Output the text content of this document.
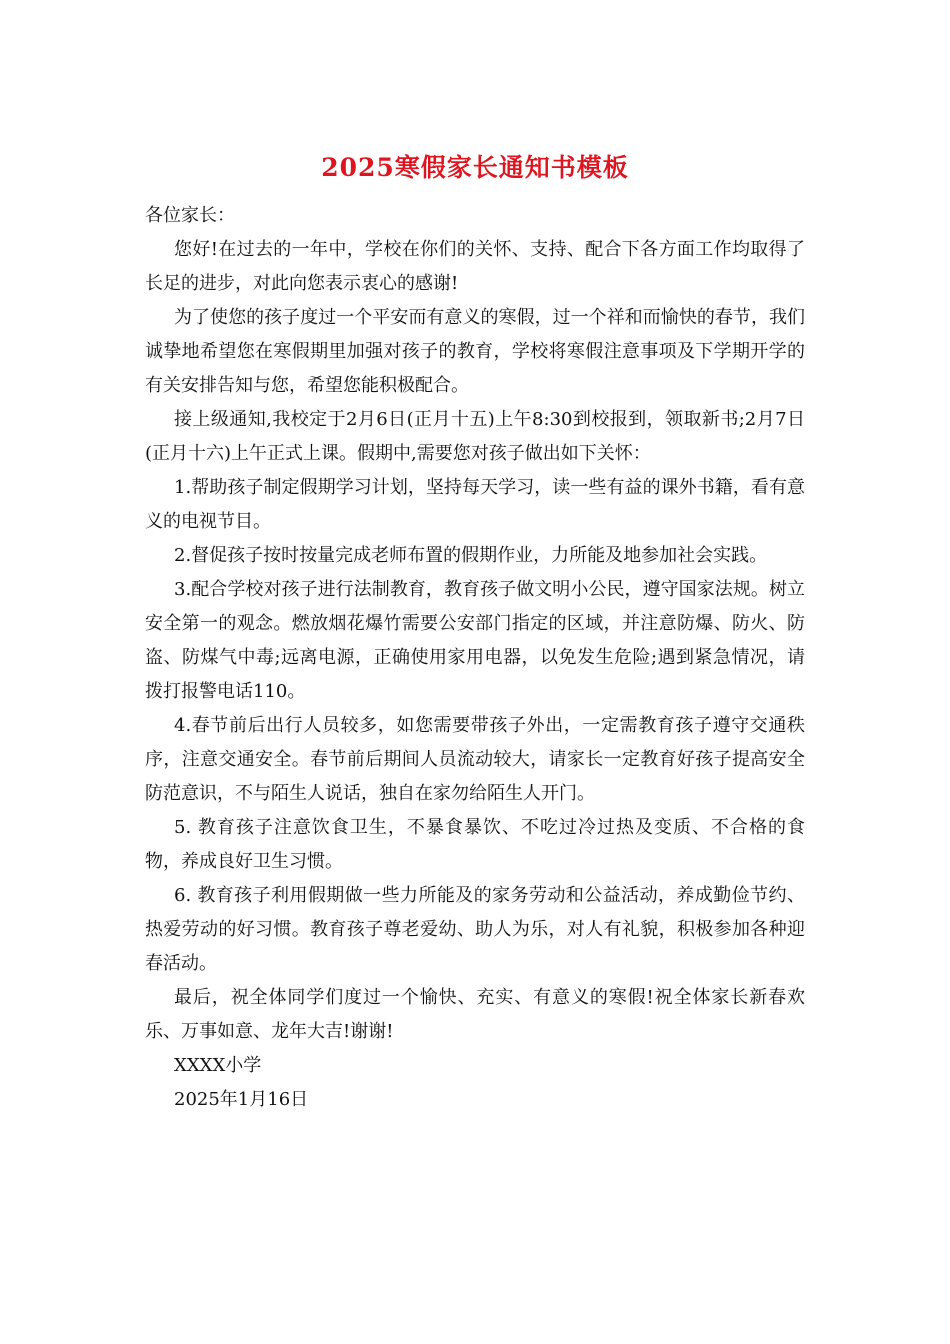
2025寒假家长通知书模板

各位家长：

您好!在过去的一年中，学校在你们的关怀、支持、配合下各方面工作均取得了长足的进步，对此向您表示衷心的感谢!

为了使您的孩子度过一个平安而有意义的寒假，过一个祥和而愉快的春节，我们诚挚地希望您在寒假期里加强对孩子的教育，学校将寒假注意事项及下学期开学的有关安排告知与您，希望您能积极配合。

接上级通知,我校定于2月6日(正月十五)上午8:30到校报到，领取新书;2月7日(正月十六)上午正式上课。假期中,需要您对孩子做出如下关怀：

1.帮助孩子制定假期学习计划，坚持每天学习，读一些有益的课外书籍，看有意义的电视节目。

2.督促孩子按时按量完成老师布置的假期作业，力所能及地参加社会实践。

3.配合学校对孩子进行法制教育，教育孩子做文明小公民，遵守国家法规。树立安全第一的观念。燃放烟花爆竹需要公安部门指定的区域，并注意防爆、防火、防盗、防煤气中毒;远离电源，正确使用家用电器，以免发生危险;遇到紧急情况，请拨打报警电话110。

4.春节前后出行人员较多，如您需要带孩子外出，一定需教育孩子遵守交通秩序，注意交通安全。春节前后期间人员流动较大，请家长一定教育好孩子提高安全防范意识，不与陌生人说话，独自在家勿给陌生人开门。

5. 教育孩子注意饮食卫生，不暴食暴饮、不吃过冷过热及变质、不合格的食物，养成良好卫生习惯。

6. 教育孩子利用假期做一些力所能及的家务劳动和公益活动，养成勤俭节约、热爱劳动的好习惯。教育孩子尊老爱幼、助人为乐，对人有礼貌，积极参加各种迎春活动。

最后，祝全体同学们度过一个愉快、充实、有意义的寒假!祝全体家长新春欢乐、万事如意、龙年大吉!谢谢!

XXXX小学

2025年1月16日
